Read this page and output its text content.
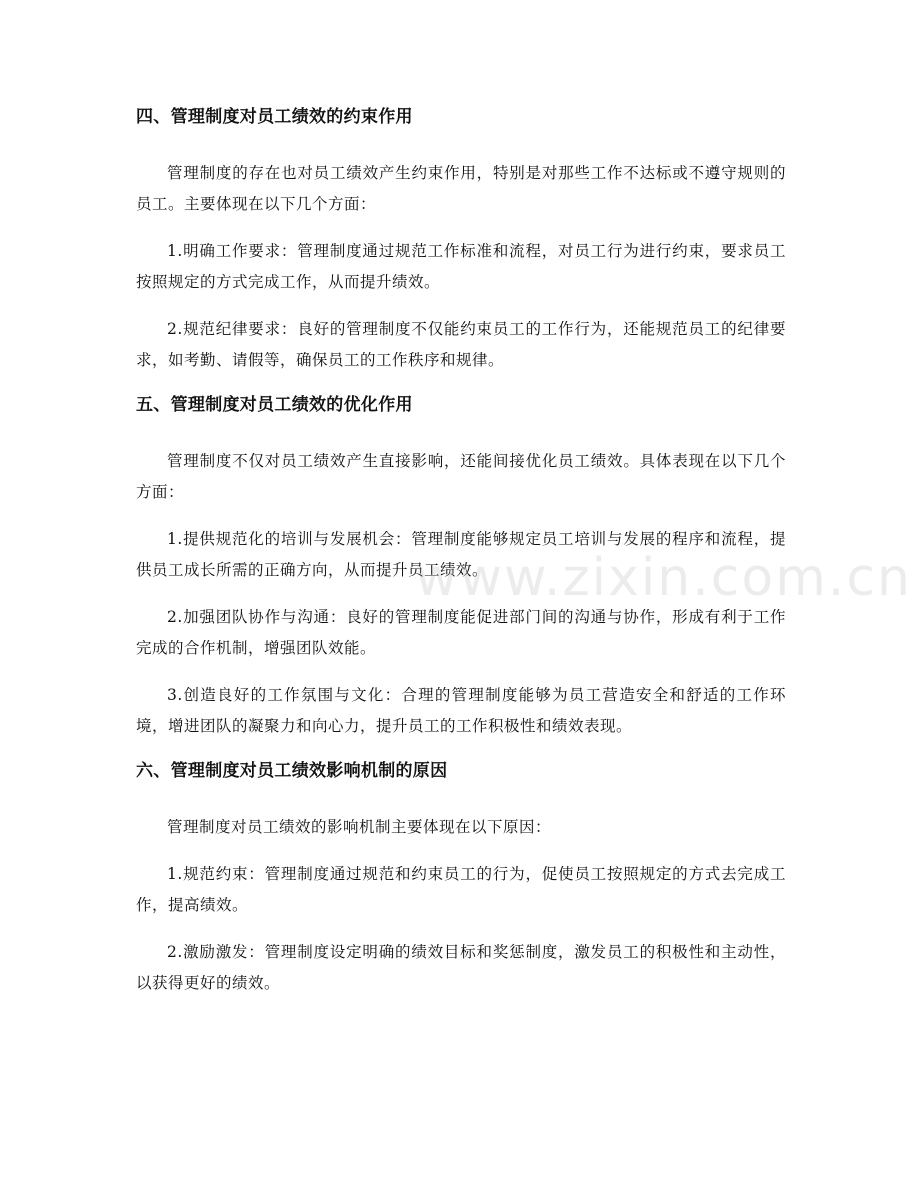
四、管理制度对员工绩效的约束作用

管理制度的存在也对员工绩效产生约束作用，特别是对那些工作不达标或不遵守规则的员工。主要体现在以下几个方面：

1.明确工作要求：管理制度通过规范工作标准和流程，对员工行为进行约束，要求员工按照规定的方式完成工作，从而提升绩效。

2.规范纪律要求：良好的管理制度不仅能约束员工的工作行为，还能规范员工的纪律要求，如考勤、请假等，确保员工的工作秩序和规律。

五、管理制度对员工绩效的优化作用

管理制度不仅对员工绩效产生直接影响，还能间接优化员工绩效。具体表现在以下几个方面：

1.提供规范化的培训与发展机会：管理制度能够规定员工培训与发展的程序和流程，提供员工成长所需的正确方向，从而提升员工绩效。

2.加强团队协作与沟通：良好的管理制度能促进部门间的沟通与协作，形成有利于工作完成的合作机制，增强团队效能。

3.创造良好的工作氛围与文化：合理的管理制度能够为员工营造安全和舒适的工作环境，增进团队的凝聚力和向心力，提升员工的工作积极性和绩效表现。

六、管理制度对员工绩效影响机制的原因

管理制度对员工绩效的影响机制主要体现在以下原因：

1.规范约束：管理制度通过规范和约束员工的行为，促使员工按照规定的方式去完成工作，提高绩效。

2.激励激发：管理制度设定明确的绩效目标和奖惩制度，激发员工的积极性和主动性，以获得更好的绩效。

www.zixin.com.cn
